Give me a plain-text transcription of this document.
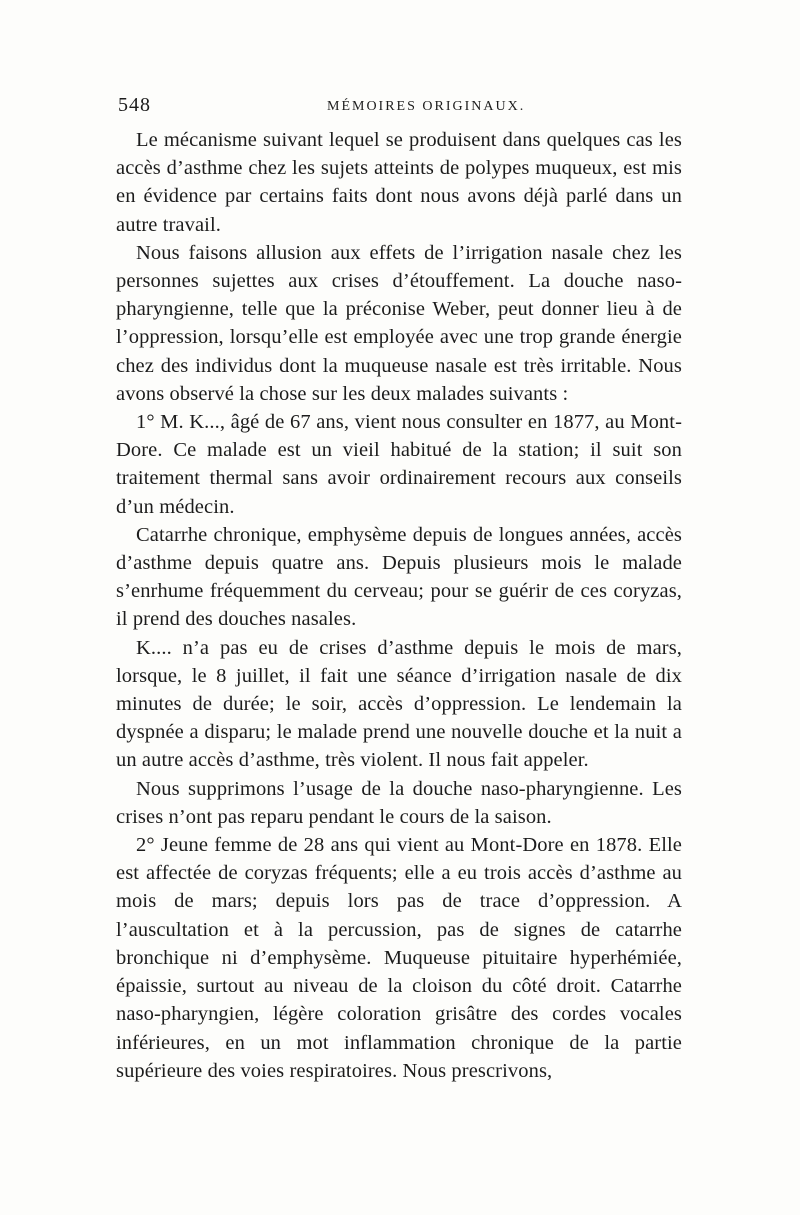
548	MÉMOIRES ORIGINAUX.

Le mécanisme suivant lequel se produisent dans quelques cas les accès d’asthme chez les sujets atteints de polypes muqueux, est mis en évidence par certains faits dont nous avons déjà parlé dans un autre travail.

Nous faisons allusion aux effets de l’irrigation nasale chez les personnes sujettes aux crises d’étouffement. La douche naso-pharyngienne, telle que la préconise Weber, peut donner lieu à de l’oppression, lorsqu’elle est employée avec une trop grande énergie chez des individus dont la muqueuse nasale est très irritable. Nous avons observé la chose sur les deux malades suivants :

1° M. K..., âgé de 67 ans, vient nous consulter en 1877, au Mont-Dore. Ce malade est un vieil habitué de la station; il suit son traitement thermal sans avoir ordinairement recours aux conseils d’un médecin.

Catarrhe chronique, emphysème depuis de longues années, accès d’asthme depuis quatre ans. Depuis plusieurs mois le malade s’enrhume fréquemment du cerveau; pour se guérir de ces coryzas, il prend des douches nasales.

K.... n’a pas eu de crises d’asthme depuis le mois de mars, lorsque, le 8 juillet, il fait une séance d’irrigation nasale de dix minutes de durée; le soir, accès d’oppression. Le lendemain la dyspnée a disparu; le malade prend une nouvelle douche et la nuit a un autre accès d’asthme, très violent. Il nous fait appeler.

Nous supprimons l’usage de la douche naso-pharyngienne. Les crises n’ont pas reparu pendant le cours de la saison.

2° Jeune femme de 28 ans qui vient au Mont-Dore en 1878. Elle est affectée de coryzas fréquents; elle a eu trois accès d’asthme au mois de mars; depuis lors pas de trace d’oppression. A l’auscultation et à la percussion, pas de signes de catarrhe bronchique ni d’emphysème. Muqueuse pituitaire hyperhémiée, épaissie, surtout au niveau de la cloison du côté droit. Catarrhe naso-pharyngien, légère coloration grisâtre des cordes vocales inférieures, en un mot inflammation chronique de la partie supérieure des voies respiratoires. Nous prescrivons,
